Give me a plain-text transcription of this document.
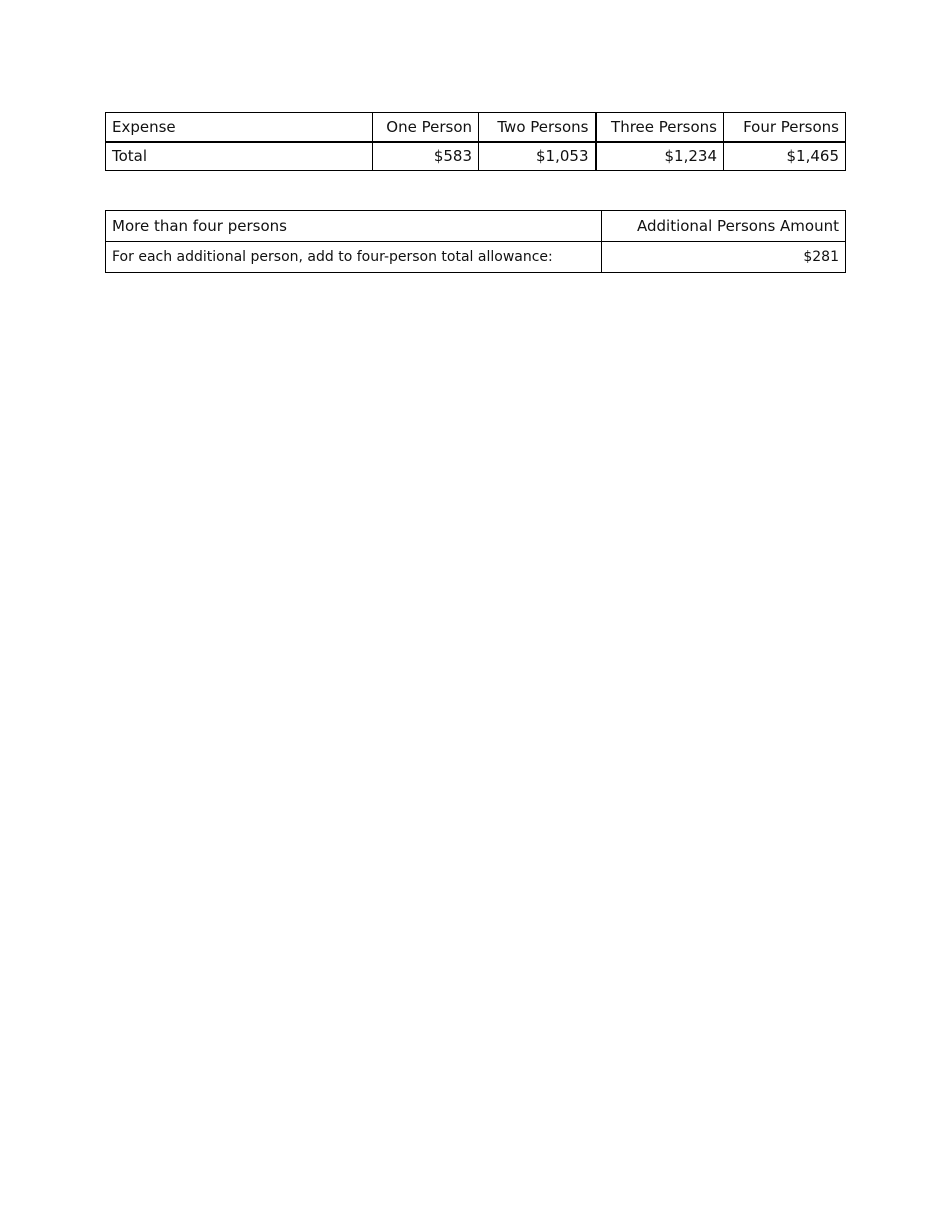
Expense	One Person	Two Persons	Three Persons	Four Persons
Total	$583	$1,053	$1,234	$1,465
More than four persons	Additional Persons Amount
For each additional person, add to four-person total allowance:	$281
